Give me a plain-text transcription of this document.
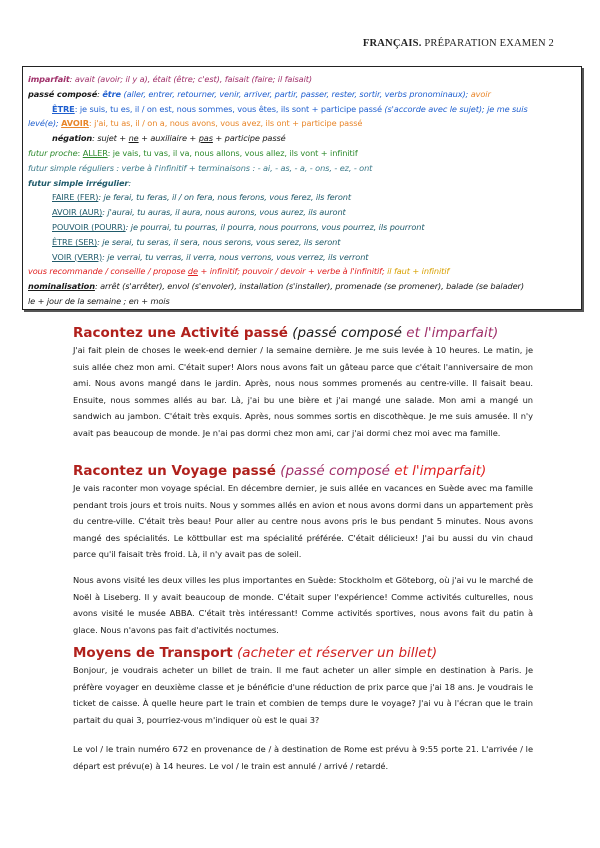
FRANÇAIS. PRÉPARATION EXAMEN 2
imparfait: avait (avoir; il y a), était (être; c'est), faisait (faire; il faisait)
passé composé: être (aller, entrer, retourner, venir, arriver, partir, passer, rester, sortir, verbs pronominaux); avoir
ÊTRE: je suis, tu es, il / on est, nous sommes, vous êtes, ils sont + participe passé (s'accorde avec le sujet); je me suis
levé(e); AVOIR: j'ai, tu as, il / on a, nous avons, vous avez, ils ont + participe passé
négation: sujet + ne + auxiliaire + pas + participe passé
futur proche: ALLER: je vais, tu vas, il va, nous allons, vous allez, ils vont + infinitif
futur simple réguliers : verbe à l'infinitif + terminaisons : - ai, - as, - a, - ons, - ez, - ont
futur simple irrégulier:
FAIRE (FER): je ferai, tu feras, il / on fera, nous ferons, vous ferez, ils feront
AVOIR (AUR): j'aurai, tu auras, il aura, nous aurons, vous aurez, ils auront
POUVOIR (POURR): je pourrai, tu pourras, il pourra, nous pourrons, vous pourrez, ils pourront
ÊTRE (SER): je serai, tu seras, il sera, nous serons, vous serez, ils seront
VOIR (VERR): je verrai, tu verras, il verra, nous verrons, vous verrez, ils verront
vous recommande / conseille / propose de + infinitif; pouvoir / devoir + verbe à l'infinitif; il faut + infinitif
nominalisation: arrêt (s'arrêter), envol (s'envoler), installation (s'installer), promenade (se promener), balade (se balader)
le + jour de la semaine ; en + mois
Racontez une Activité passé (passé composé et l'imparfait)

J'ai fait plein de choses le week-end dernier / la semaine dernière. Je me suis levée à 10 heures. Le matin, je suis allée chez mon ami. C'était super! Alors nous avons fait un gâteau parce que c'était l'anniversaire de mon ami. Nous avons mangé dans le jardin. Après, nous nous sommes promenés au centre-ville. Il faisait beau. Ensuite, nous sommes allés au bar. Là, j'ai bu une bière et j'ai mangé une salade. Mon ami a mangé un sandwich au jambon. C'était très exquis. Après, nous sommes sortis en discothèque. Je me suis amusée. Il n'y avait pas beaucoup de monde. Je n'ai pas dormi chez mon ami, car j'ai dormi chez moi avec ma famille.

Racontez un Voyage passé (passé composé et l'imparfait)

Je vais raconter mon voyage spécial. En décembre dernier, je suis allée en vacances en Suède avec ma famille pendant trois jours et trois nuits. Nous y sommes allés en avion et nous avons dormi dans un appartement près du centre-ville. C'était très beau! Pour aller au centre nous avons pris le bus pendant 5 minutes. Nous avons mangé des spécialités. Le köttbullar est ma spécialité préférée. C'était délicieux! J'ai bu aussi du vin chaud parce qu'il faisait très froid. Là, il n'y avait pas de soleil.

Nous avons visité les deux villes les plus importantes en Suède: Stockholm et Göteborg, où j'ai vu le marché de Noël à Liseberg. Il y avait beaucoup de monde. C'était super l'expérience! Comme activités culturelles, nous avons visité le musée ABBA. C'était très intéressant! Comme activités sportives, nous avons fait du patin à glace. Nous n'avons pas fait d'activités noctumes.

Moyens de Transport (acheter et réserver un billet)

Bonjour, je voudrais acheter un billet de train. Il me faut acheter un aller simple en destination à Paris. Je préfère voyager en deuxième classe et je bénéficie d'une réduction de prix parce que j'ai 18 ans. Je voudrais le ticket de caisse. À quelle heure part le train et combien de temps dure le voyage? J'ai vu à l'écran que le train partait du quai 3, pourriez-vous m'indiquer où est le quai 3?

Le vol / le train numéro 672 en provenance de / à destination de Rome est prévu à 9:55 porte 21. L'arrivée / le départ est prévu(e) à 14 heures. Le vol / le train est annulé / arrivé / retardé.
